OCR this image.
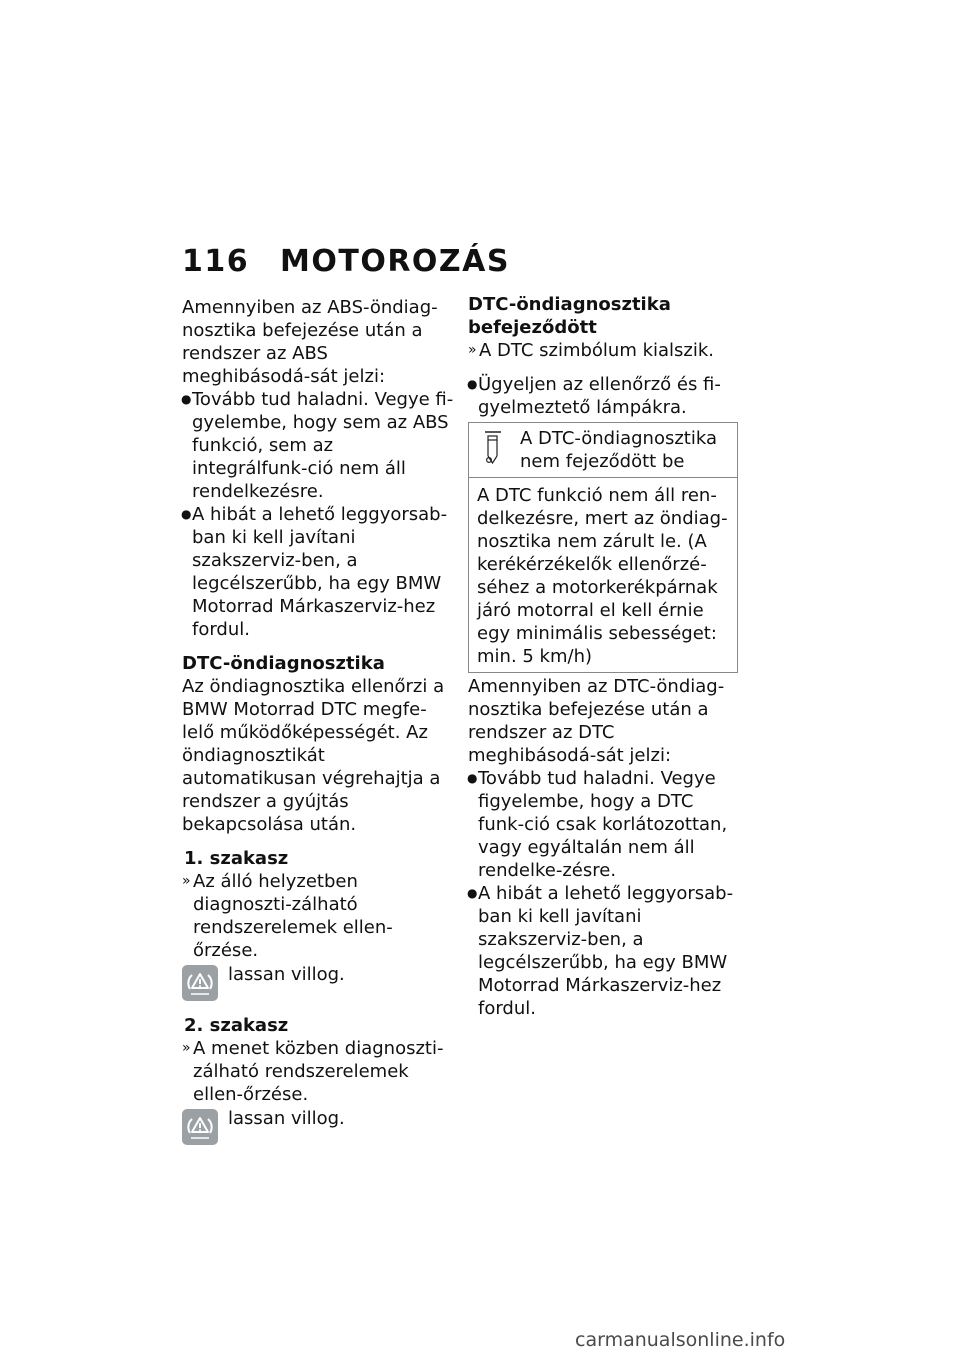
116 MOTOROZÁS

Amennyiben az ABS-öndiag-nosztika befejezése után a rendszer az ABS meghibásodá-sát jelzi:

● Tovább tud haladni. Vegye fi-gyelembe, hogy sem az ABS funkció, sem az integrálfunk-ció nem áll rendelkezésre.
● A hibát a lehető leggyorsab-ban ki kell javítani szakszerviz-ben, a legcélszerűbb, ha egy BMW Motorrad Márkaszerviz-hez fordul.

DTC-öndiagnosztika

Az öndiagnosztika ellenőrzi a BMW Motorrad DTC megfe-lelő működőképességét. Az öndiagnosztikát automatikusan végrehajtja a rendszer a gyújtás bekapcsolása után.

1. szakasz

» Az álló helyzetben diagnoszti-zálható rendszerelemek ellen-őrzése.
lassan villog.

2. szakasz

» A menet közben diagnoszti-zálható rendszerelemek ellen-őrzése.
lassan villog.

DTC-öndiagnosztika befejeződött

» A DTC szimbólum kialszik.
● Ügyeljen az ellenőrző és fi-gyelmeztető lámpákra.
A DTC-öndiagnosztika nem fejeződött be
A DTC funkció nem áll ren-delkezésre, mert az öndiag-nosztika nem zárult le. (A kerékérzékelők ellenőrzé-séhez a motorkerékpárnak járó motorral el kell érnie egy minimális sebességet: min. 5 km/h)

Amennyiben az DTC-öndiag-nosztika befejezése után a rendszer az DTC meghibásodá-sát jelzi:

● Tovább tud haladni. Vegye figyelembe, hogy a DTC funk-ció csak korlátozottan, vagy egyáltalán nem áll rendelke-zésre.
● A hibát a lehető leggyorsab-ban ki kell javítani szakszerviz-ben, a legcélszerűbb, ha egy BMW Motorrad Márkaszerviz-hez fordul.
carmanualsonline.info
